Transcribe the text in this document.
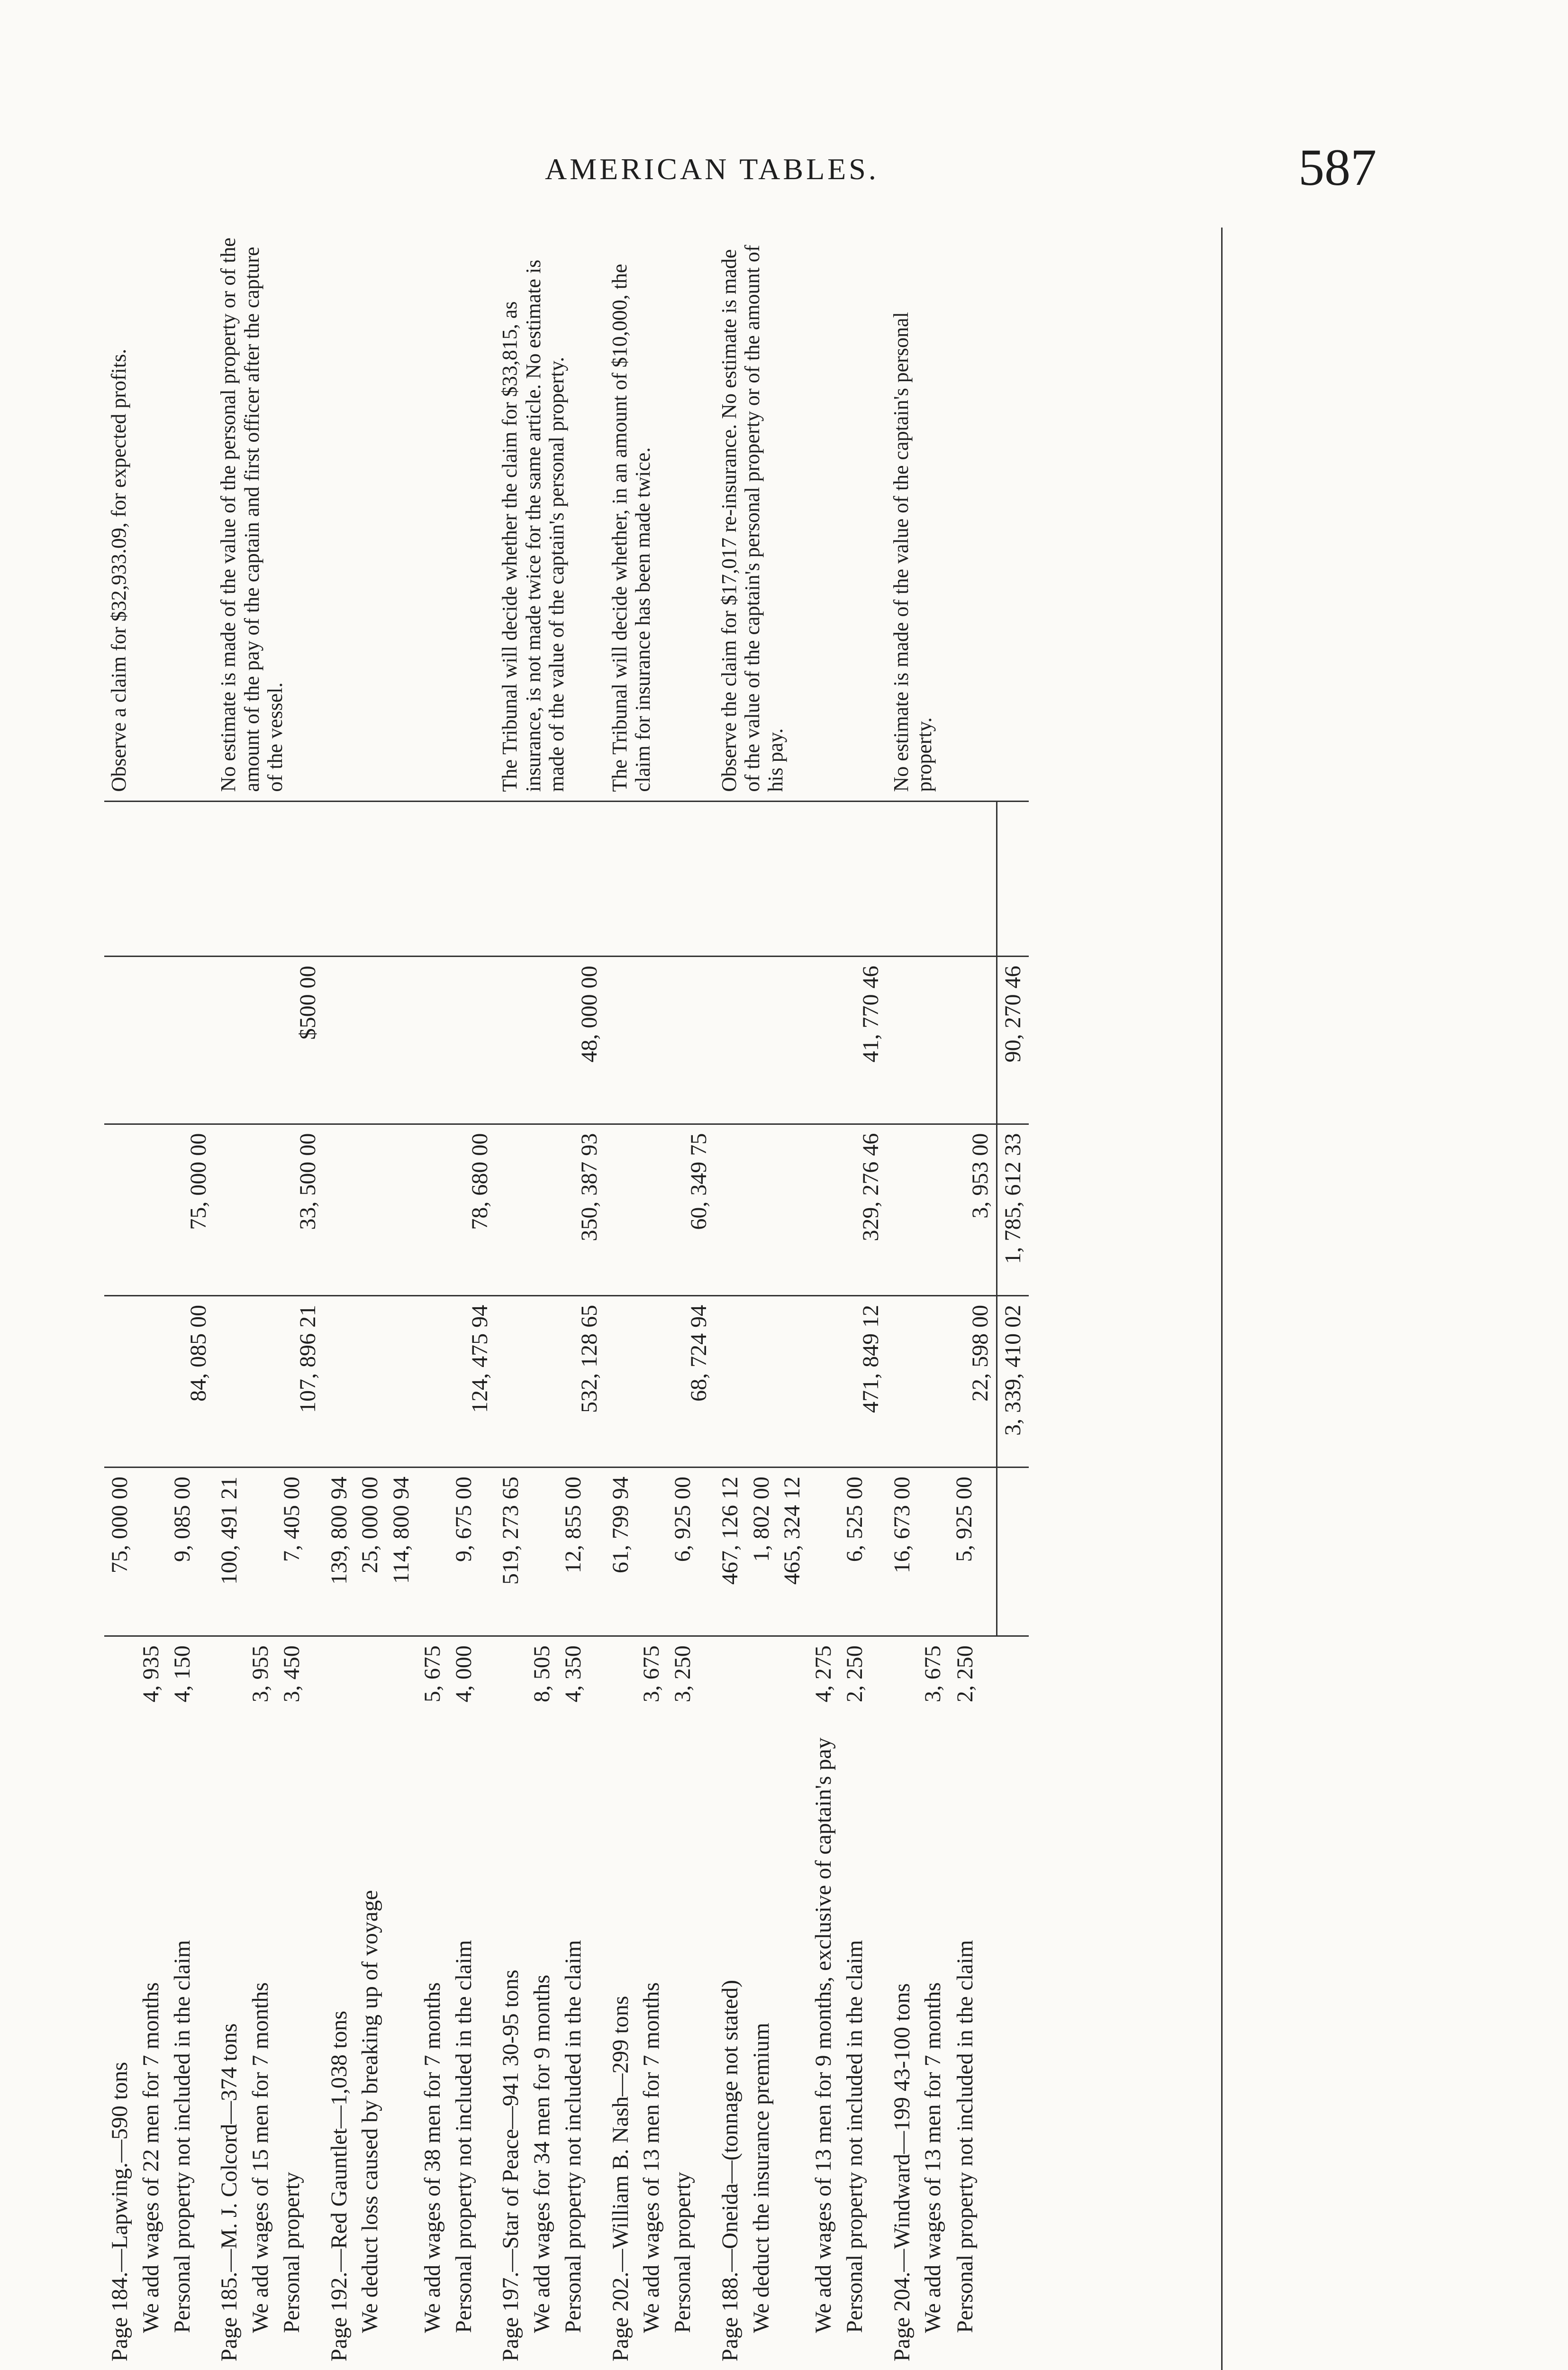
AMERICAN TABLES.	587
Page 184.—Lapwing.—590 tons		75, 000 00	84, 085 00	75, 000 00			Observe a claim for $32,933.09, for expected profits.

We add wages of 22 men for 7 months	4, 935						

Personal property not included in the claim	4, 150	9, 085 00					

Page 185.—M. J. Colcord—374 tons		100, 491 21	107, 896 21	33, 500 00	$500 00		No estimate is made of the value of the personal property or of the amount of the pay of the captain and first officer after the capture of the vessel.

We add wages of 15 men for 7 months	3, 955						

Personal property	3, 450	7, 405 00					

Page 192.—Red Gauntlet—1,038 tons		139, 800 94	124, 475 94	78, 680 00			

We deduct loss caused by breaking up of voyage		25, 000 00					

		114, 800 94					

We add wages of 38 men for 7 months	5, 675						

Personal property not included in the claim	4, 000	9, 675 00					

Page 197.—Star of Peace—941 30-95 tons		519, 273 65	532, 128 65	350, 387 93	48, 000 00		The Tribunal will decide whether the claim for $33,815, as insurance, is not made twice for the same article. No estimate is made of the value of the captain's personal property.

We add wages for 34 men for 9 months	8, 505						

Personal property not included in the claim	4, 350	12, 855 00					

Page 202.—William B. Nash—299 tons		61, 799 94	68, 724 94	60, 349 75			The Tribunal will decide whether, in an amount of $10,000, the claim for insurance has been made twice.

We add wages of 13 men for 7 months	3, 675						

Personal property	3, 250	6, 925 00					

Page 188.—Oneida—(tonnage not stated)		467, 126 12	471, 849 12	329, 276 46	41, 770 46		Observe the claim for $17,017 re-insurance. No estimate is made of the value of the captain's personal property or of the amount of his pay.

We deduct the insurance premium		1, 802 00					

		465, 324 12					

We add wages of 13 men for 9 months, exclusive of captain's pay	4, 275						

Personal property not included in the claim	2, 250	6, 525 00					

Page 204.—Windward—199 43-100 tons		16, 673 00	22, 598 00	3, 953 00			No estimate is made of the value of the captain's personal property.

We add wages of 13 men for 7 months	3, 675						

Personal property not included in the claim	2, 250	5, 925 00					
			3, 339, 410 02	1, 785, 612 33	90, 270 46		
